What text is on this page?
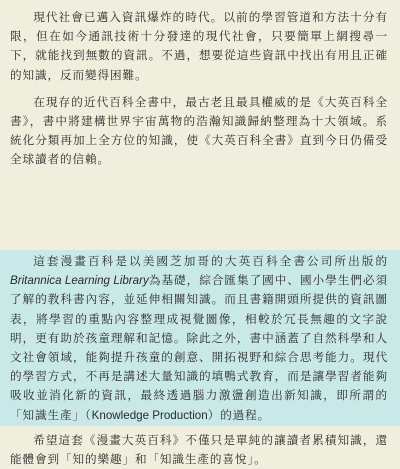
現代社會已邁入資訊爆炸的時代。以前的學習管道和方法十分有限，但在如今通訊技術十分發達的現代社會，只要簡單上網搜尋一下，就能找到無數的資訊。不過，想要從這些資訊中找出有用且正確的知識，反而變得困難。

在現存的近代百科全書中，最古老且最具權威的是《大英百科全書》，書中將建構世界宇宙萬物的浩瀚知識歸納整理為十大領域。系統化分類再加上全方位的知識，使《大英百科全書》直到今日仍備受全球讀者的信賴。

這套漫畫百科是以美國芝加哥的大英百科全書公司所出版的Britannica Learning Library為基礎，綜合匯集了國中、國小學生們必須了解的教科書內容，並延伸相關知識。而且書籍開頭所提供的資訊圖表，將學習的重點內容整理成視覺圖像，相較於冗長無趣的文字說明，更有助於孩童理解和記憶。除此之外，書中涵蓋了自然科學和人文社會領域，能夠提升孩童的創意、開拓視野和綜合思考能力。現代的學習方式，不再是講述大量知識的填鴨式教育，而是讓學習者能夠吸收並消化新的資訊，最終透過腦力激盪創造出新知識，即所謂的「知識生產」（Knowledge Production）的過程。

希望這套《漫畫大英百科》不僅只是單純的讓讀者累積知識，還能體會到「知的樂趣」和「知識生產的喜悅」。
